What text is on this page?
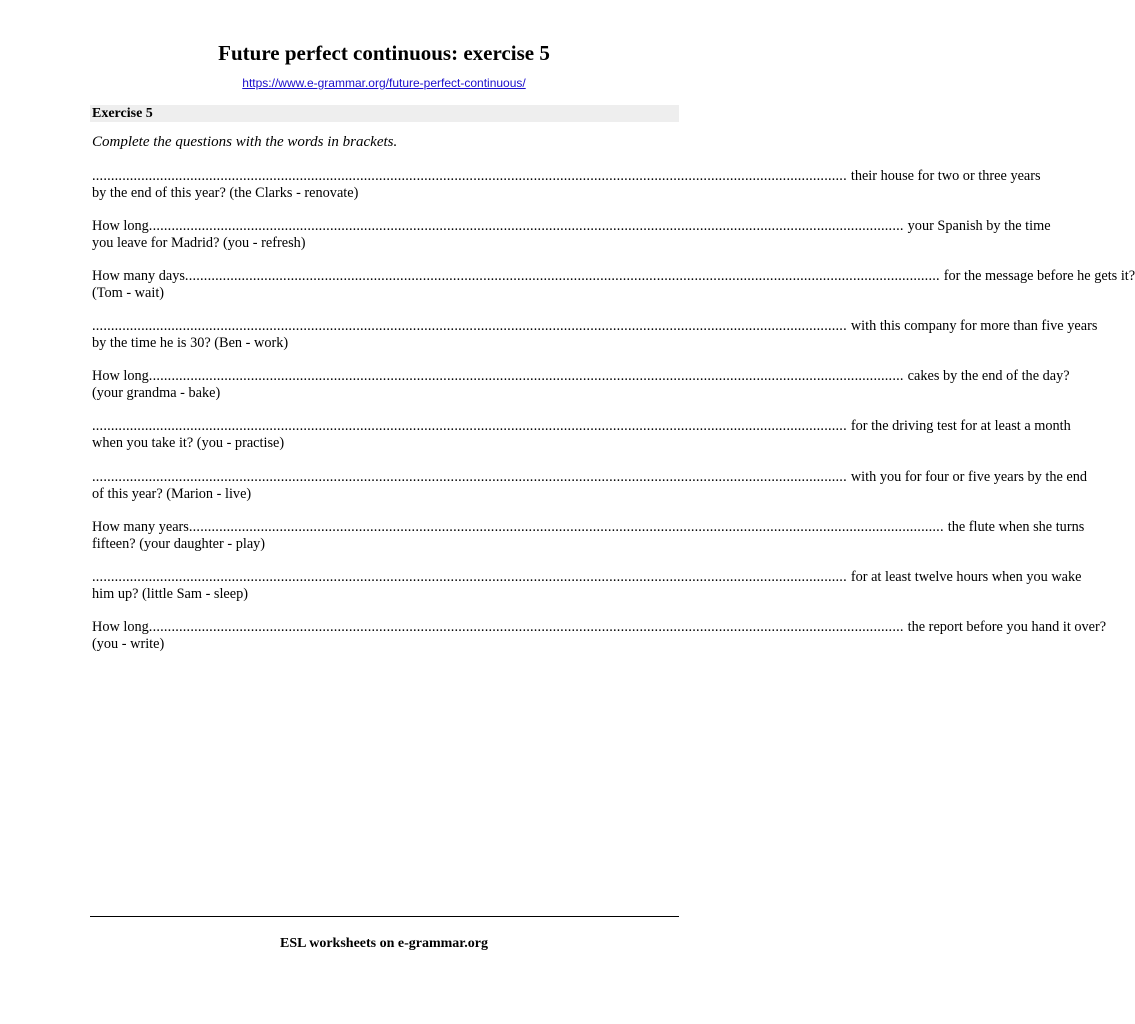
Future perfect continuous: exercise 5
https://www.e-grammar.org/future-perfect-continuous/
Exercise 5
Complete the questions with the words in brackets.
........................................................................................................................................................................................................ their house for two or three years
by the end of this year? (the Clarks - renovate)
How long ........................................................................................................................................................................................................ your Spanish by the time
you leave for Madrid? (you - refresh)
How many days ........................................................................................................................................................................................................ for the message before he gets it?
(Tom - wait)
........................................................................................................................................................................................................ with this company for more than five years
by the time he is 30? (Ben - work)
How long ........................................................................................................................................................................................................ cakes by the end of the day?
(your grandma - bake)
........................................................................................................................................................................................................ for the driving test for at least a month
when you take it? (you - practise)
........................................................................................................................................................................................................ with you for four or five years by the end
of this year? (Marion - live)
How many years ........................................................................................................................................................................................................ the flute when she turns
fifteen? (your daughter - play)
........................................................................................................................................................................................................ for at least twelve hours when you wake
him up? (little Sam - sleep)
How long ........................................................................................................................................................................................................ the report before you hand it over?
(you - write)
ESL worksheets on e-grammar.org
